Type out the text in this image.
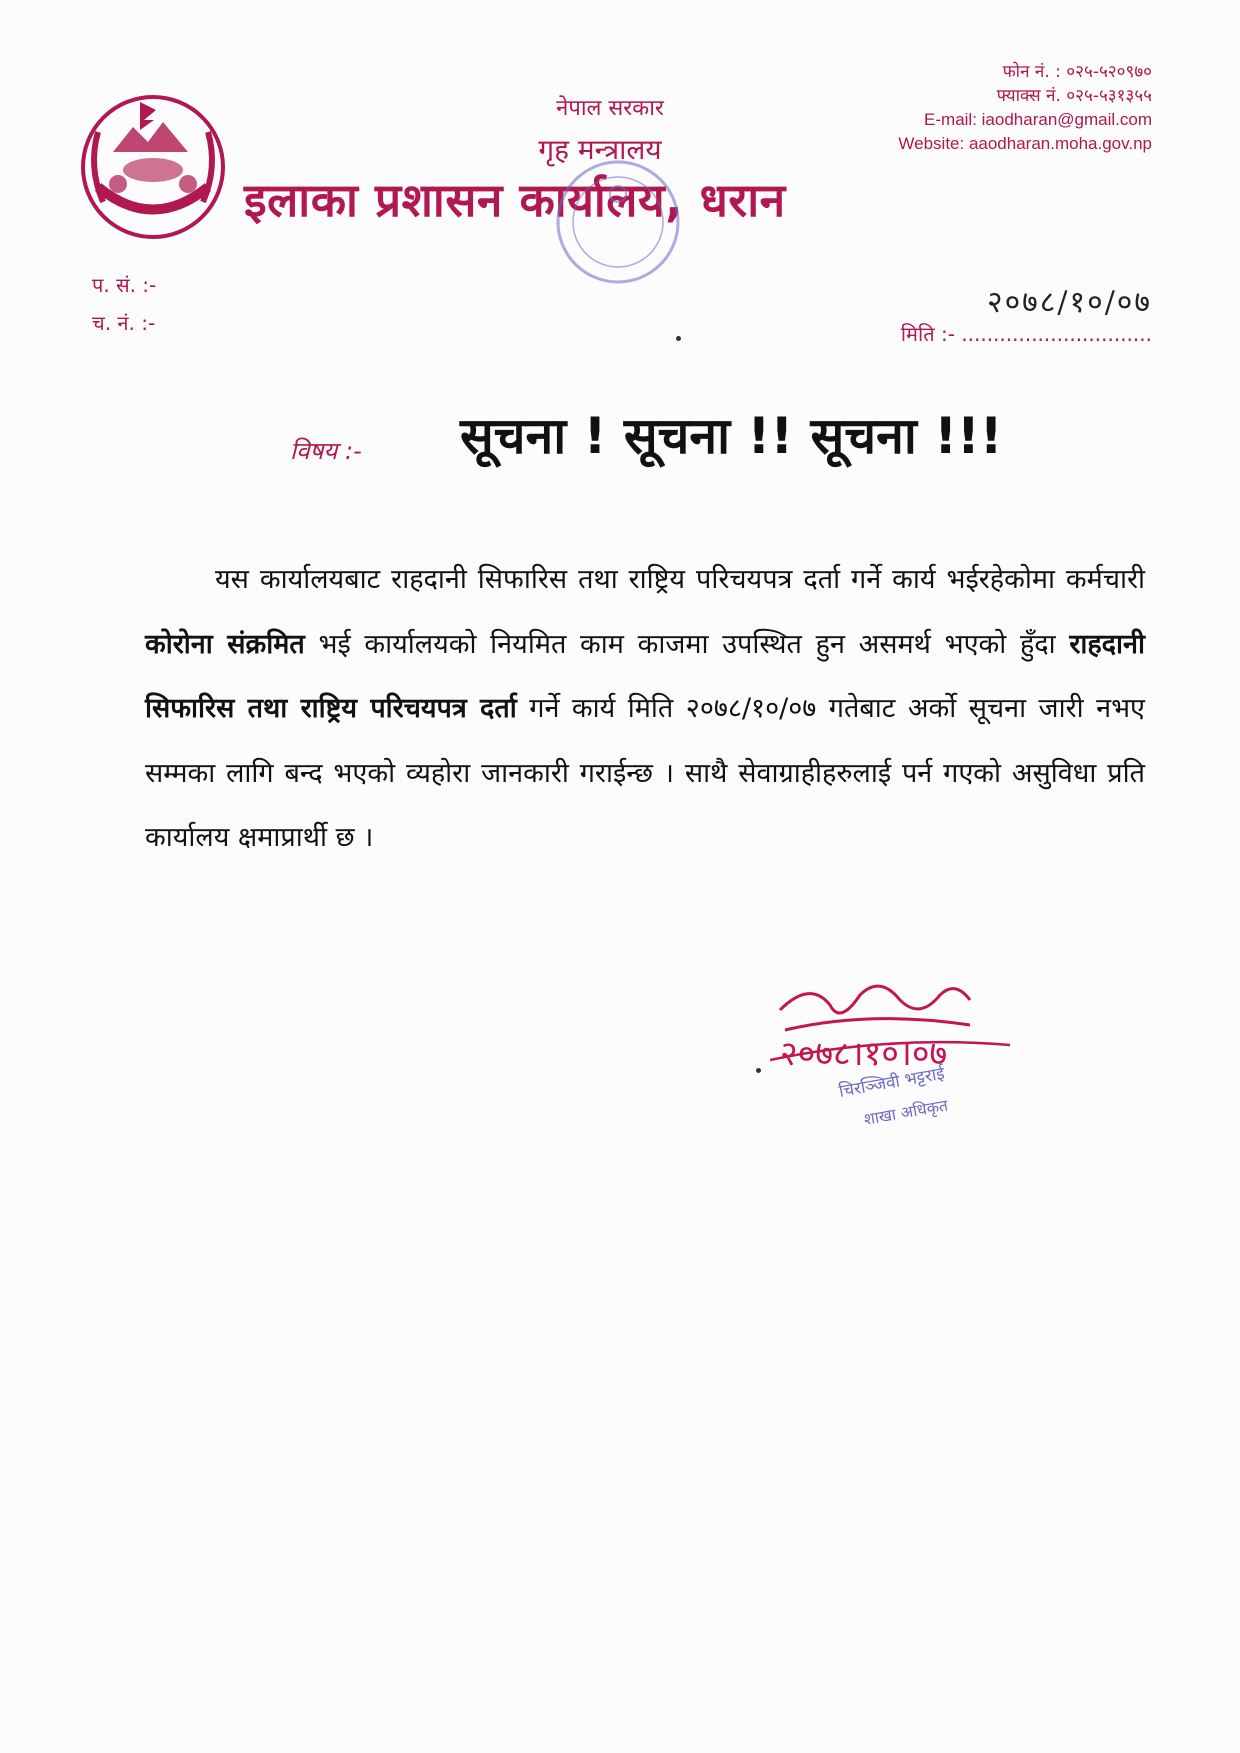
नेपाल सरकार
गृह मन्त्रालय
इलाका प्रशासन कार्यालय, धरान
फोन नं. : ०२५-५२०९७०
फ्याक्स नं. ०२५-५३१३५५
E-mail: iaodharan@gmail.com
Website: aaodharan.moha.gov.np
प. सं. :-
च. नं. :-
२०७८/१०/०७
मिति :- ..............................
विषय :- सूचना ! सूचना !! सूचना !!!
यस कार्यालयबाट राहदानी सिफारिस तथा राष्ट्रिय परिचयपत्र दर्ता गर्ने कार्य भईरहेकोमा कर्मचारी कोरोना संक्रमित भई कार्यालयको नियमित काम काजमा उपस्थित हुन असमर्थ भएको हुँदा राहदानी सिफारिस तथा राष्ट्रिय परिचयपत्र दर्ता गर्ने कार्य मिति २०७८/१०/०७ गतेबाट अर्को सूचना जारी नभए सम्मका लागि बन्द भएको व्यहोरा जानकारी गराईन्छ । साथै सेवाग्राहीहरुलाई पर्न गएको असुविधा प्रति कार्यालय क्षमाप्रार्थी छ ।
२०७८।१०।०७
चिरञ्जिवी भट्टराई
शाखा अधिकृत
